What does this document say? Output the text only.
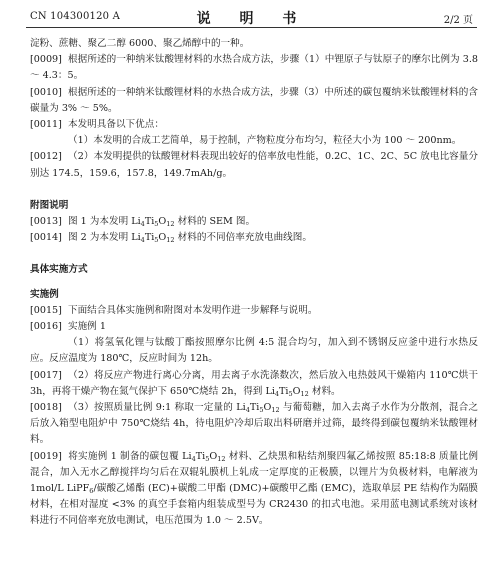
CN 104300120 A	说 明 书	2/2 页

淀粉、蔗糖、聚乙二醇 6000、聚乙烯醇中的一种。

[0009] 根据所述的一种纳米钛酸锂材料的水热合成方法，步骤（1）中锂原子与钛原子的摩尔比例为 3.8 ～ 4.3：5。

[0010] 根据所述的一种纳米钛酸锂材料的水热合成方法，步骤（3）中所述的碳包覆纳米钛酸锂材料的含碳量为 3% ～ 5%。

[0011] 本发明具备以下优点：

（1）本发明的合成工艺简单，易于控制，产物粒度分布均匀，粒径大小为 100 ～ 200nm。

[0012] （2）本发明提供的钛酸锂材料表现出较好的倍率放电性能，0.2C、1C、2C、5C 放电比容量分别达 174.5，159.6，157.8，149.7mAh/g。

附图说明

[0013] 图 1 为本发明 $Li_4Ti_5O_{12}$ 材料的 SEM 图。

[0014] 图 2 为本发明 $Li_4Ti_5O_{12}$ 材料的不同倍率充放电曲线图。

具体实施方式

实施例

[0015] 下面结合具体实施例和附图对本发明作进一步解释与说明。

[0016] 实施例 1

（1）将氢氧化锂与钛酸丁酯按照摩尔比例 4:5 混合均匀，加入到不锈钢反应釜中进行水热反应。反应温度为 180℃，反应时间为 12h。

[0017] （2）将反应产物进行离心分离，用去离子水洗涤数次，然后放入电热鼓风干燥箱内 110℃烘干 3h，再将干燥产物在氮气保护下 650℃烧结 2h，得到 $Li_4Ti_5O_{12}$ 材料。

[0018] （3）按照质量比例 9:1 称取一定量的 $Li_4Ti_5O_{12}$ 与葡萄糖，加入去离子水作为分散剂，混合之后放入箱型电阻炉中 750℃烧结 4h，待电阻炉冷却后取出料研磨并过筛，最终得到碳包覆纳米钛酸锂材料。

[0019] 将实施例 1 制备的碳包覆 $Li_4Ti_5O_{12}$ 材料、乙炔黑和粘结剂聚四氟乙烯按照 85:18:8 质量比例混合，加入无水乙醇搅拌均匀后在双辊轧膜机上轧成一定厚度的正极膜，以锂片为负极材料，电解液为 1mol/L LiPF$_6$/碳酸乙烯酯 (EC)+碳酸二甲酯 (DMC)+碳酸甲乙酯 (EMC)，选取单层 PE 结构作为隔膜材料，在相对湿度 <3% 的真空手套箱内组装成型号为 CR2430 的扣式电池。采用蓝电测试系统对该材料进行不同倍率充放电测试，电压范围为 1.0 ～ 2.5V。
